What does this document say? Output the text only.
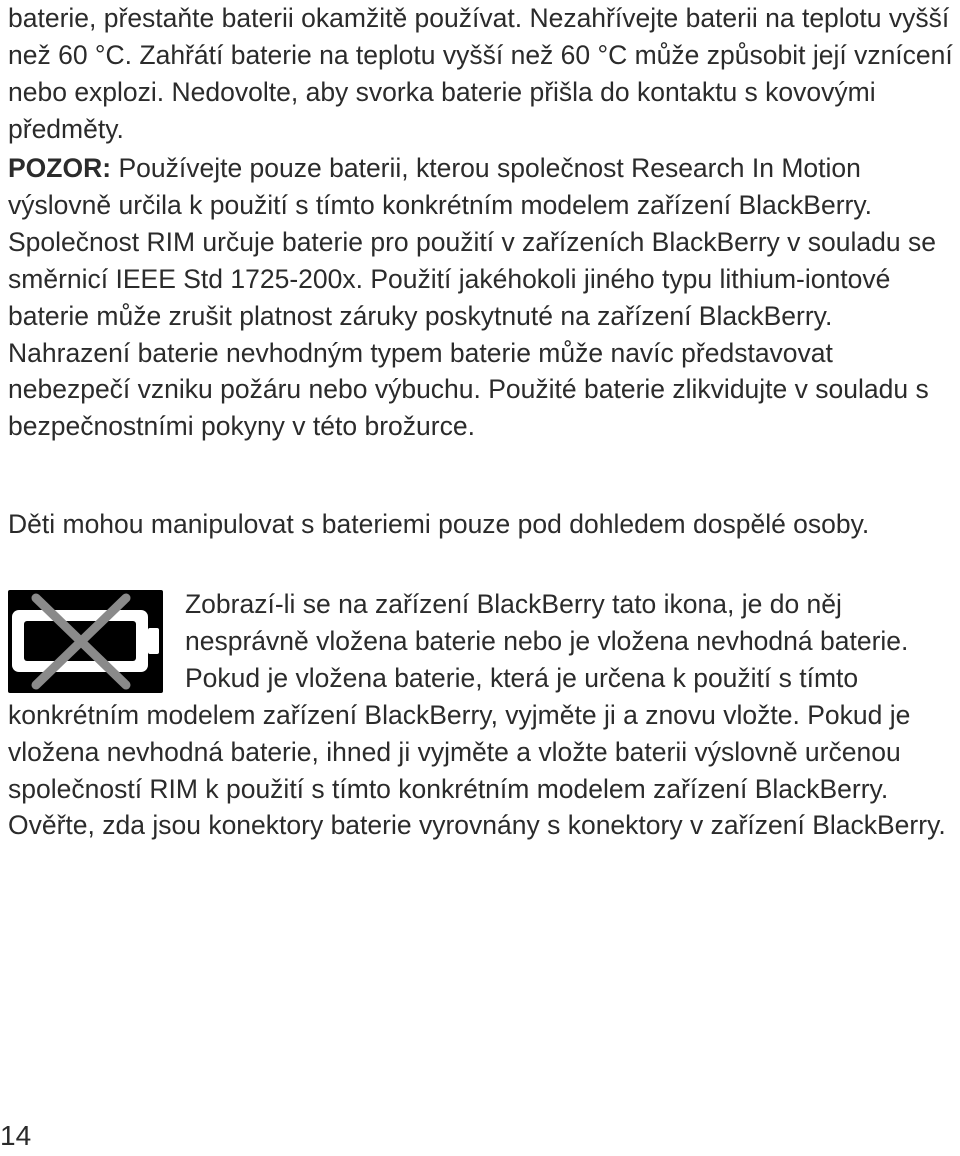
baterie, přestaňte baterii okamžitě používat. Nezahřívejte baterii na teplotu vyšší než 60 °C. Zahřátí baterie na teplotu vyšší než 60 °C může způsobit její vznícení nebo explozi. Nedovolte, aby svorka baterie přišla do kontaktu s kovovými předměty.

POZOR: Používejte pouze baterii, kterou společnost Research In Motion výslovně určila k použití s tímto konkrétním modelem zařízení BlackBerry. Společnost RIM určuje baterie pro použití v zařízeních BlackBerry v souladu se směrnicí IEEE Std 1725-200x. Použití jakéhokoli jiného typu lithium-iontové baterie může zrušit platnost záruky poskytnuté na zařízení BlackBerry. Nahrazení baterie nevhodným typem baterie může navíc představovat nebezpečí vzniku požáru nebo výbuchu. Použité baterie zlikvidujte v souladu s bezpečnostními pokyny v této brožurce.

Děti mohou manipulovat s bateriemi pouze pod dohledem dospělé osoby.

Zobrazí-li se na zařízení BlackBerry tato ikona, je do něj nesprávně vložena baterie nebo je vložena nevhodná baterie. Pokud je vložena baterie, která je určena k použití s tímto konkrétním modelem zařízení BlackBerry, vyjměte ji a znovu vložte. Pokud je vložena nevhodná baterie, ihned ji vyjměte a vložte baterii výslovně určenou společností RIM k použití s tímto konkrétním modelem zařízení BlackBerry. Ověřte, zda jsou konektory baterie vyrovnány s konektory v zařízení BlackBerry.
14
